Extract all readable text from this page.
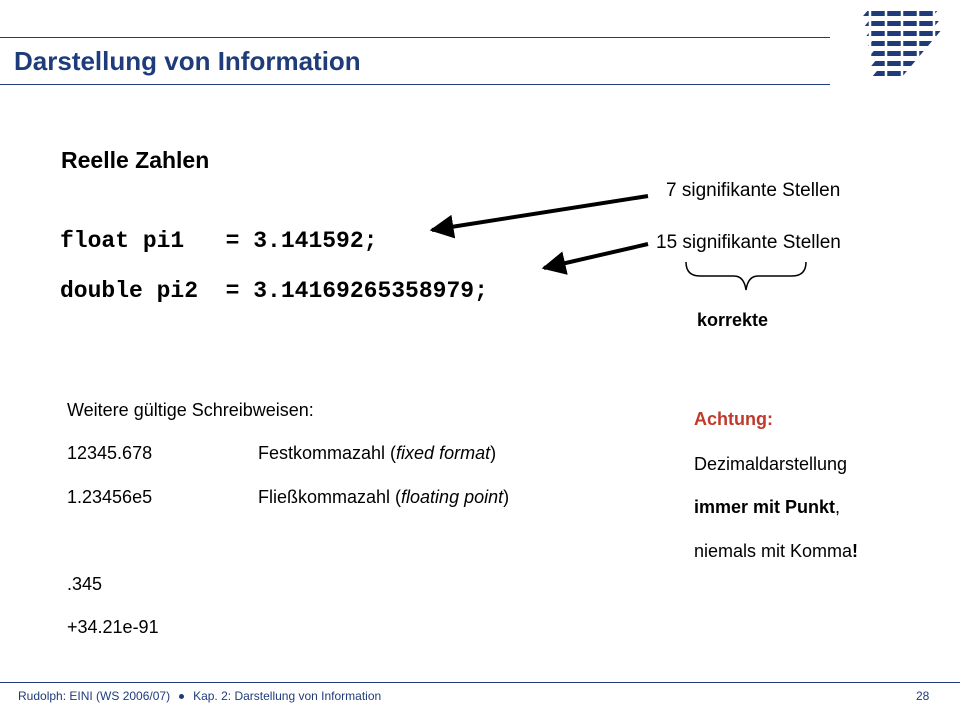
Darstellung von Information
Reelle Zahlen
float pi1   = 3.141592;
double pi2  = 3.14169265358979;
7 signifikante Stellen
15 signifikante Stellen
korrekte
Weitere gültige Schreibweisen:
12345.678	Festkommazahl (fixed format)
1.23456e5	Fließkommazahl (floating point)
.345
+34.21e-91
Achtung:
Dezimaldarstellung
immer mit Punkt,
niemals mit Komma!
Rudolph: EINI (WS 2006/07) Kap. 2: Darstellung von Information	28
